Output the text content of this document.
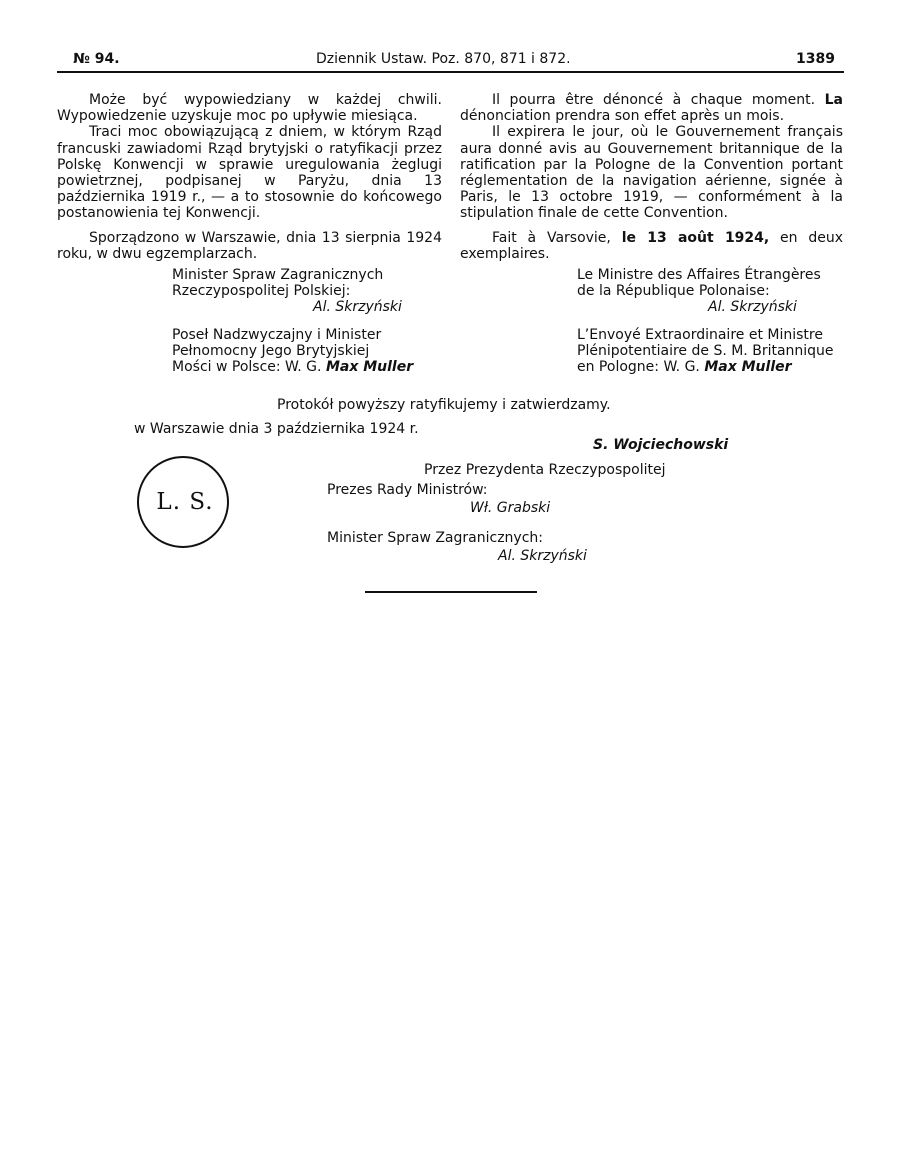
№ 94.	Dziennik Ustaw. Poz. 870, 871 i 872.	1389

Może być wypowiedziany w każdej chwili. Wypowiedzenie uzyskuje moc po upływie miesiąca.

Traci moc obowiązującą z dniem, w którym Rząd francuski zawiadomi Rząd brytyjski o ratyfikacji przez Polskę Konwencji w sprawie uregulowania żeglugi powietrznej, podpisanej w Paryżu, dnia 13 października 1919 r., — a to stosownie do końcowego postanowienia tej Konwencji.

Sporządzono w Warszawie, dnia 13 sierpnia 1924 roku, w dwu egzemplarzach.

Minister Spraw Zagranicznych
Rzeczypospolitej Polskiej:
Al. Skrzyński
Poseł Nadzwyczajny i Minister
Pełnomocny Jego Brytyjskiej
Mości w Polsce: W. G. Max Muller

Il pourra être dénoncé à chaque moment. La dénonciation prendra son effet après un mois.

Il expirera le jour, où le Gouvernement français aura donné avis au Gouvernement britannique de la ratification par la Pologne de la Convention portant réglementation de la navigation aérienne, signée à Paris, le 13 octobre 1919, — conformément à la stipulation finale de cette Convention.

Fait à Varsovie, le 13 août 1924, en deux exemplaires.

Le Ministre des Affaires Étrangères
de la République Polonaise:
Al. Skrzyński
L’Envoyé Extraordinaire et Ministre
Plénipotentiaire de S. M. Britannique
en Pologne: W. G. Max Muller
Protokół powyższy ratyfikujemy i zatwierdzamy.
w Warszawie dnia 3 października 1924 r.
S. Wojciechowski
L. S.
Przez Prezydenta Rzeczypospolitej
Prezes Rady Ministrów:
Wł. Grabski
Minister Spraw Zagranicznych:
Al. Skrzyński
